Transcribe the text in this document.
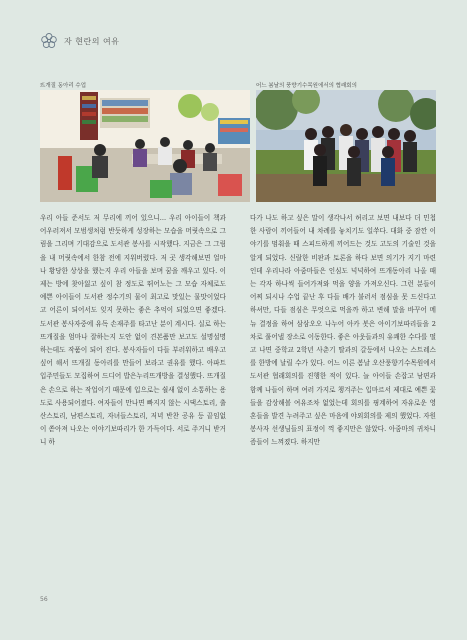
자 현란의 여유
뜨개질 동아리 수업	어느 봄날의 풍향기수목원에서의 협래회의

우리 아들 준서도 저 무리에 끼어 있으니... 우리 아이들이 책과 어우러져서 모범생처럼 반듯하게 성장하는 모습을 머릿속으로 그림을 그리며 기대감으로 도서관 봉사를 시작했다. 지금은 그 그림을 내 머릿속에서 한참 전에 지워버렸다. 저 곳 생각해보면 얼마나 황당한 상상을 했는지 우리 아들을 보며 꿈을 깨우고 있다. 이제는 방에 찾아잃고 싶이 참 정도로 뛰어노는 그 모습 자체로도 예쁜 아이들이 도서관 정수기의 물이 최고로 맛있는 물맛이었다고 어른이 되어서도 잊지 못하는 좋은 추억이 되었으면 좋겠다. 도서관 봉사자중에 유독 손재주를 타고난 분이 계시다. 실로 하는 뜨개질을 엄마나 잘하는지 도안 없이 견본품만 보고도 설명설명 하는데도 작품이 되어 진다. 봉사자들이 다들 부러워하고 배우고 싶어 해서 뜨개질 동아리를 만들어 보라고 권유를 했다. 아파트 입주민들도 모집하여 드디어 밥은누리뜨개방을 결성했다. 뜨개질은 손으로 하는 작업이기 때문에 입으로는 쉴새 없이 소통하는 용도로 사용되어졌다. 여자들이 만나면 빠지지 않는 시댁스토리, 출산스토리, 남편스토리, 자녀들스토리, 저녁 반찬 공유 등 끝임없이 쏟아져 나오는 이야기보따리가 한 가득이다. 서로 주거니 받거니 하

다가 나도 하고 싶은 말이 생각나서 허리고 보면 내보다 더 민첩한 사람이 끼어들어 내 차례를 놓치기도 일쑤다. 대화 중 잠깐 이야기를 멈춰을 때 스피드하게 끼어드는 것도 고도의 기술인 것을 알게 되었다. 신랄한 비판과 토론을 하다 보면 의기가 지기 마련인데 우리나라 아줌마들은 인심도 넉넉하여 뜨개동아리 나올 때는 각자 하나씩 들어가져와 먹을 양을 가져오신다. 그런 분들이 어찌 되시나 수업 끝난 후 다들 배가 불러서 점심을 못 드신다고 하셔만, 다들 점심은 무엇으로 먹을까 하고 변해 말을 바꾸어 메뉴 결정을 하여 삼삼오오 나누어 아카 봇은 아이기보따리들을 2차로 풀어낼 장소로 이동한다. 좋은 아웃들과의 유쾌한 수다를 떨고 나면 중학교 2학년 사춘기 딸과의 갈등에서 나오는 스트레스를 한방에 날릴 수가 있다. 어느 이른 봄날 오산풍향기수목원에서 도서관 협래회의를 진행한 적이 있다. 늘 아이들 손잡고 남편과 함께 나들이 하며 여러 가지로 챙겨주는 입마르서 제대로 예쁜 꽃들을 감상해볼 여유조차 없었는데 회의를 핑계하여 자유로운 영혼들을 발견 누려주고 싶은 마음에 야외회의를 제의 했었다. 자원봉사자 선생님들의 표정이 꺽 좋지만은 않았다. 아줌마의 귀차니즘들이 느껴졌다. 하지만

56
